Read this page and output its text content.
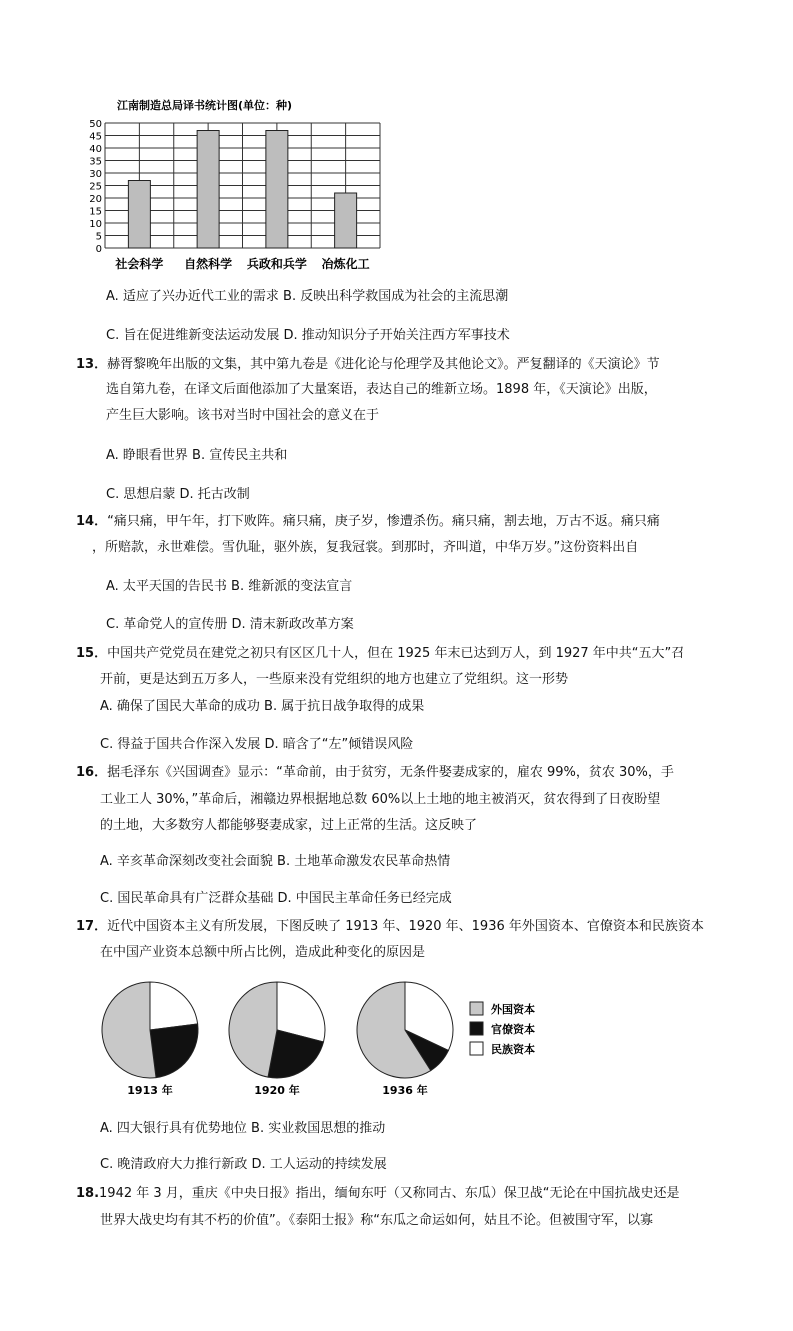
江南制造总局译书统计图(单位：种)
0
5
10
15
20
25
30
35
40
45
50
社会科学 自然科学 兵政和兵学 冶炼化工
A. 适应了兴办近代工业的需求 B. 反映出科学救国成为社会的主流思潮
C. 旨在促进维新变法运动发展 D. 推动知识分子开始关注西方军事技术
13．赫胥黎晚年出版的文集，其中第九卷是《进化论与伦理学及其他论文》。严复翻译的《天演论》节
选自第九卷，在译文后面他添加了大量案语，表达自己的维新立场。1898 年，《天演论》出版，
产生巨大影响。该书对当时中国社会的意义在于
A. 睁眼看世界 B. 宣传民主共和
C. 思想启蒙 D. 托古改制
14．“痛只痛，甲午年，打下败阵。痛只痛，庚子岁，惨遭杀伤。痛只痛，割去地，万古不返。痛只痛
，所赔款，永世难偿。雪仇耻，驱外族，复我冠裳。到那时，齐叫道，中华万岁。”这份资料出自
A. 太平天国的告民书 B. 维新派的变法宣言
C. 革命党人的宣传册 D. 清末新政改革方案
15．中国共产党党员在建党之初只有区区几十人，但在 1925 年末已达到万人，到 1927 年中共“五大”召
开前，更是达到五万多人，一些原来没有党组织的地方也建立了党组织。这一形势
A. 确保了国民大革命的成功 B. 属于抗日战争取得的成果
C. 得益于国共合作深入发展 D. 暗含了“左”倾错误风险
16．据毛泽东《兴国调查》显示：“革命前，由于贫穷，无条件娶妻成家的，雇农 99%，贫农 30%，手
工业工人 30%，”革命后，湘赣边界根据地总数 60%以上土地的地主被消灭，贫农得到了日夜盼望
的土地，大多数穷人都能够娶妻成家，过上正常的生活。这反映了
A. 辛亥革命深刻改变社会面貌 B. 土地革命激发农民革命热情
C. 国民革命具有广泛群众基础 D. 中国民主革命任务已经完成
17．近代中国资本主义有所发展，下图反映了 1913 年、1920 年、1936 年外国资本、官僚资本和民族资本
在中国产业资本总额中所占比例，造成此种变化的原因是
1913 年	1920 年	1936 年
外国资本
官僚资本
民族资本
A. 四大银行具有优势地位 B. 实业救国思想的推动
C. 晚清政府大力推行新政 D. 工人运动的持续发展
18.1942 年 3 月，重庆《中央日报》指出，缅甸东吁（又称同古、东瓜）保卫战“无论在中国抗战史还是
世界大战史均有其不朽的价值”。《泰阳士报》称“东瓜之命运如何，姑且不论。但被围守军，以寡
